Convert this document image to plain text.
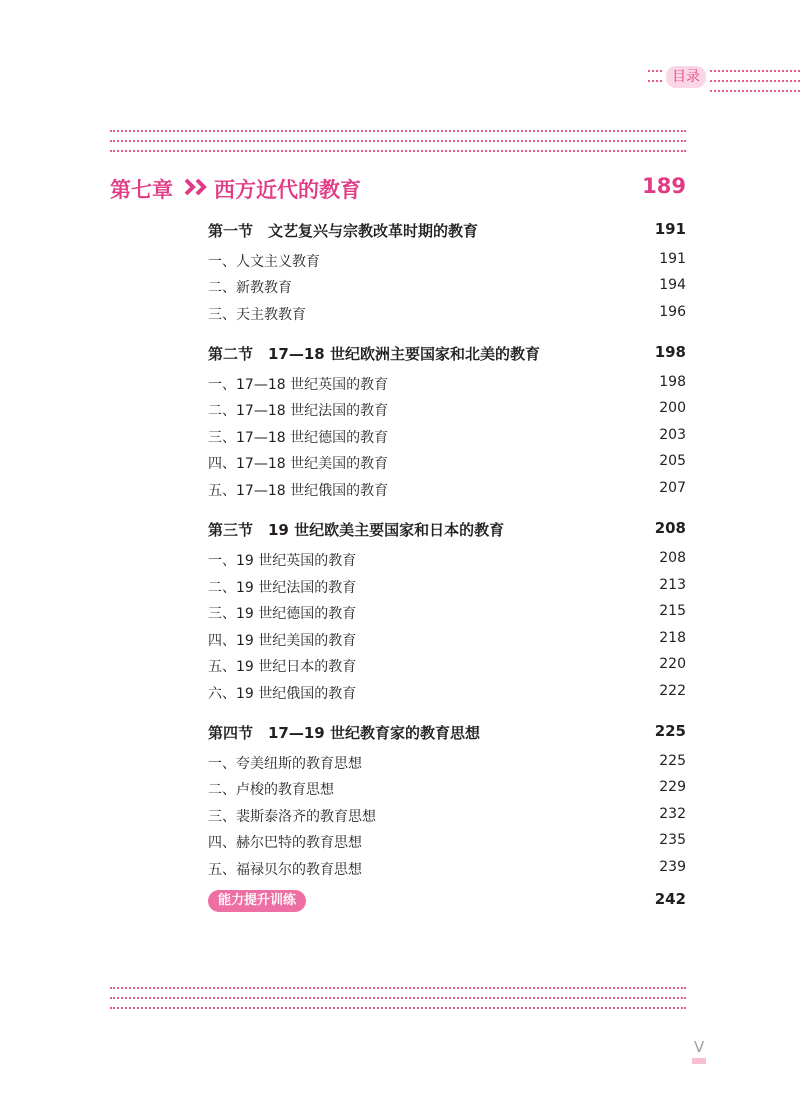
目录
第七章 西方近代的教育	189
第一节　文艺复兴与宗教改革时期的教育	191
一、人文主义教育	191
二、新教教育	194
三、天主教教育	196
第二节　17—18 世纪欧洲主要国家和北美的教育	198
一、17—18 世纪英国的教育	198
二、17—18 世纪法国的教育	200
三、17—18 世纪德国的教育	203
四、17—18 世纪美国的教育	205
五、17—18 世纪俄国的教育	207
第三节　19 世纪欧美主要国家和日本的教育	208
一、19 世纪英国的教育	208
二、19 世纪法国的教育	213
三、19 世纪德国的教育	215
四、19 世纪美国的教育	218
五、19 世纪日本的教育	220
六、19 世纪俄国的教育	222
第四节　17—19 世纪教育家的教育思想	225
一、夸美纽斯的教育思想	225
二、卢梭的教育思想	229
三、裴斯泰洛齐的教育思想	232
四、赫尔巴特的教育思想	235
五、福禄贝尔的教育思想	239
能力提升训练	242
V
